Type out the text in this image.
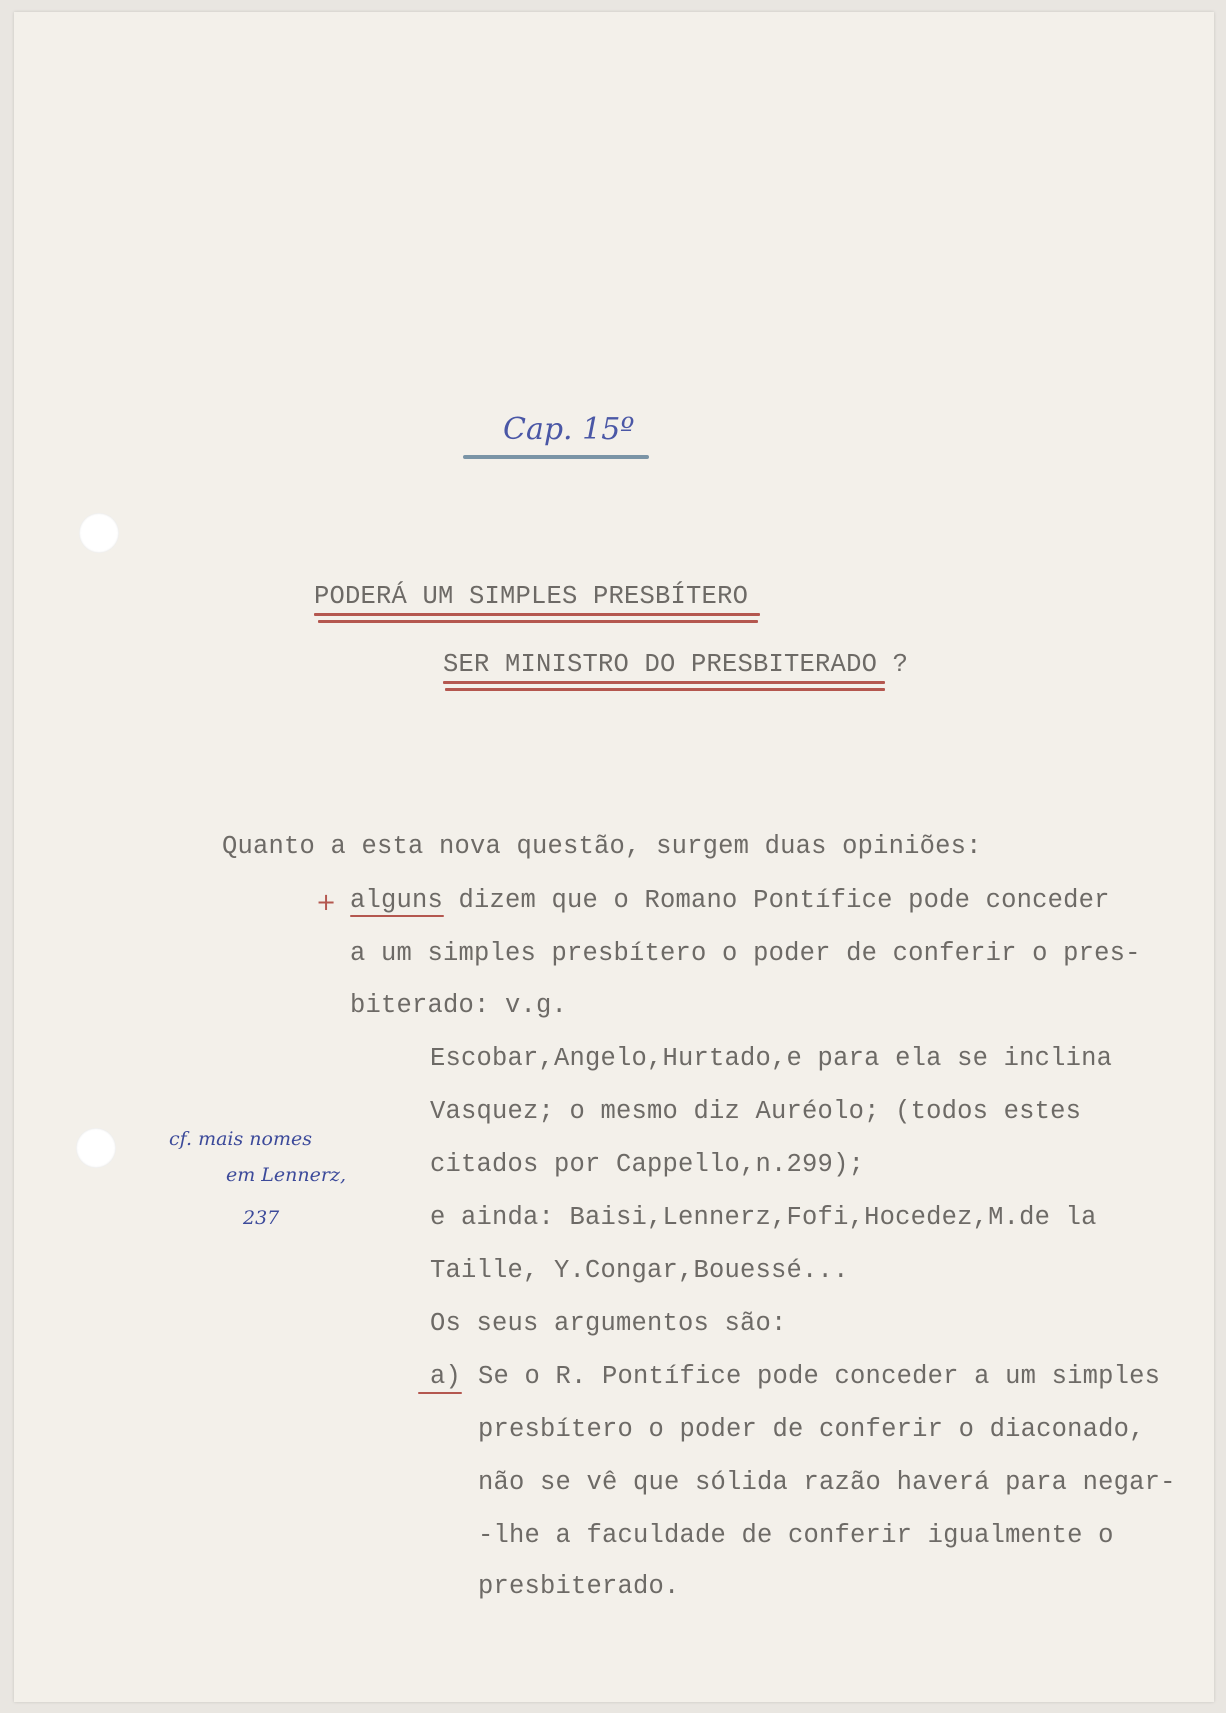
Cap. 15º
PODERÁ UM SIMPLES PRESBÍTERO
SER MINISTRO DO PRESBITERADO ?
Quanto a esta nova questão, surgem duas opiniões:
+ alguns dizem que o Romano Pontífice pode conceder
a um simples presbítero o poder de conferir o pres-
biterado: v.g.
Escobar,Angelo,Hurtado,e para ela se inclina
Vasquez; o mesmo diz Auréolo; (todos estes
citados por Cappello,n.299);
e ainda: Baisi,Lennerz,Fofi,Hocedez,M.de la
Taille, Y.Congar,Bouessé...
Os seus argumentos são:
cf. mais nomes
em Lennerz,
237
a) Se o R. Pontífice pode conceder a um simples
presbítero o poder de conferir o diaconado,
não se vê que sólida razão haverá para negar-
-lhe a faculdade de conferir igualmente o
presbiterado.
